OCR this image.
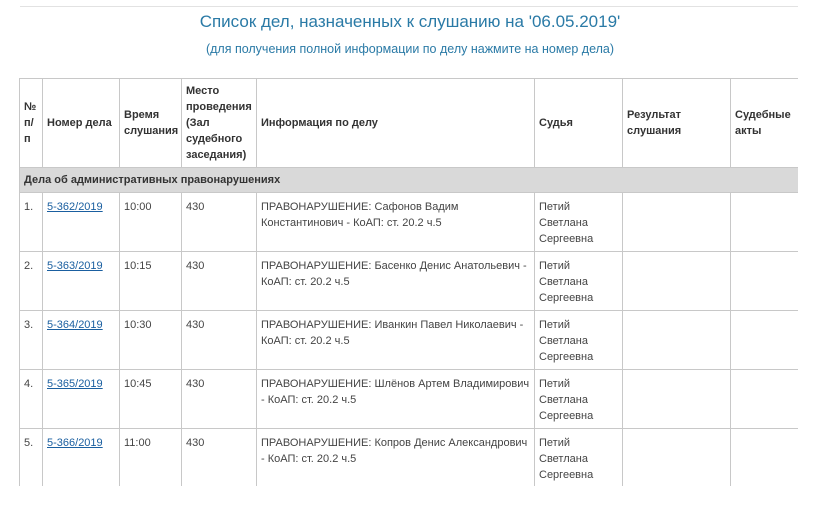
Список дел, назначенных к слушанию на '06.05.2019'
(для получения полной информации по делу нажмите на номер дела)
№ п/п	Номер дела	Время слушания	Место проведения (Зал судебного заседания)	Информация по делу	Судья	Результат слушания	Судебные акты
Дела об административных правонарушениях							
1.	5-362/2019	10:00	430	ПРАВОНАРУШЕНИЕ: Сафонов Вадим Константинович - КоАП: ст. 20.2 ч.5	Петий Светлана Сергеевна		
2.	5-363/2019	10:15	430	ПРАВОНАРУШЕНИЕ: Басенко Денис Анатольевич - КоАП: ст. 20.2 ч.5	Петий Светлана Сергеевна		
3.	5-364/2019	10:30	430	ПРАВОНАРУШЕНИЕ: Иванкин Павел Николаевич - КоАП: ст. 20.2 ч.5	Петий Светлана Сергеевна		
4.	5-365/2019	10:45	430	ПРАВОНАРУШЕНИЕ: Шлёнов Артем Владимирович - КоАП: ст. 20.2 ч.5	Петий Светлана Сергеевна		
5.	5-366/2019	11:00	430	ПРАВОНАРУШЕНИЕ: Копров Денис Александрович - КоАП: ст. 20.2 ч.5	Петий Светлана Сергеевна		
